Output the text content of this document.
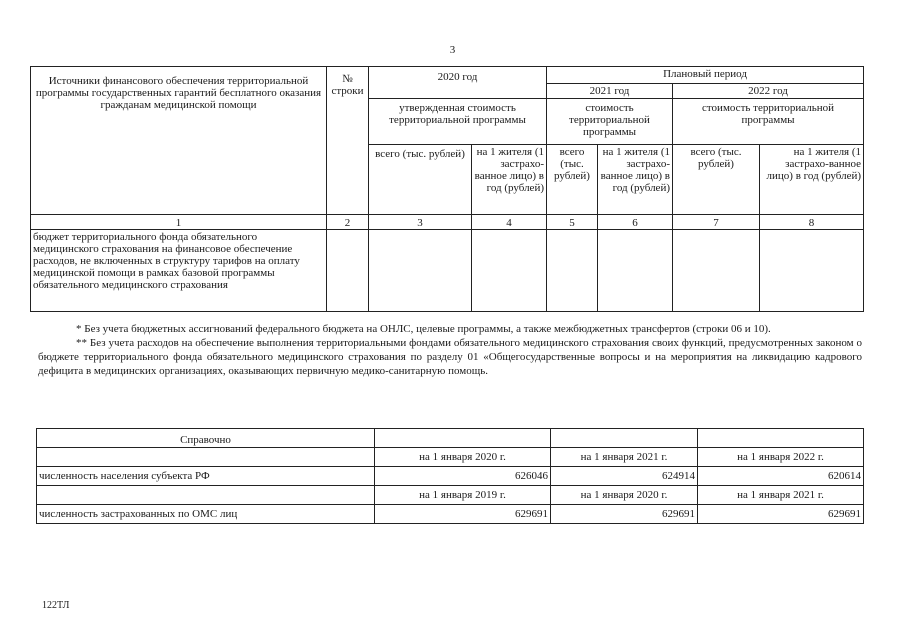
3
Источники финансового обеспечения территориальной программы государственных гарантий бесплатного оказания гражданам медицинской помощи	№ строки	2020 год		Плановый период			
				2021 год		2022 год	
		утвержденная стоимость территориальной программы		стоимость территориальной программы		стоимость территориальной программы	
		всего (тыс. рублей)	на 1 жителя (1 застрахо-ванное лицо) в год (рублей)	всего (тыс. рублей)	на 1 жителя (1 застрахо-ванное лицо) в год (рублей)	всего (тыс. рублей)	на 1 жителя (1 застрахо-ванное лицо) в год (рублей)
1	2	3	4	5	6	7	8
бюджет территориального фонда обязательного медицинского страхования на финансовое обеспечение расходов, не включенных в структуру тарифов на оплату медицинской помощи в рамках базовой программы обязательного медицинского страхования							

* Без учета бюджетных ассигнований федерального бюджета на ОНЛС, целевые программы, а также межбюджетных трансфертов (строки 06 и 10).

** Без учета расходов на обеспечение выполнения территориальными фондами обязательного медицинского страхования своих функций, предусмотренных законом о бюджете территориального фонда обязательного медицинского страхования по разделу 01 «Общегосударственные вопросы и на мероприятия на ликвидацию кадрового дефицита в медицинских организациях, оказывающих первичную медико-санитарную помощь.

Справочно			
	на 1 января 2020 г.	на 1 января 2021 г.	на 1 января 2022 г.
численность населения субъекта РФ	626046	624914	620614
	на 1 января 2019 г.	на 1 января 2020 г.	на 1 января 2021 г.
численность застрахованных по ОМС лиц	629691	629691	629691
122ТЛ
